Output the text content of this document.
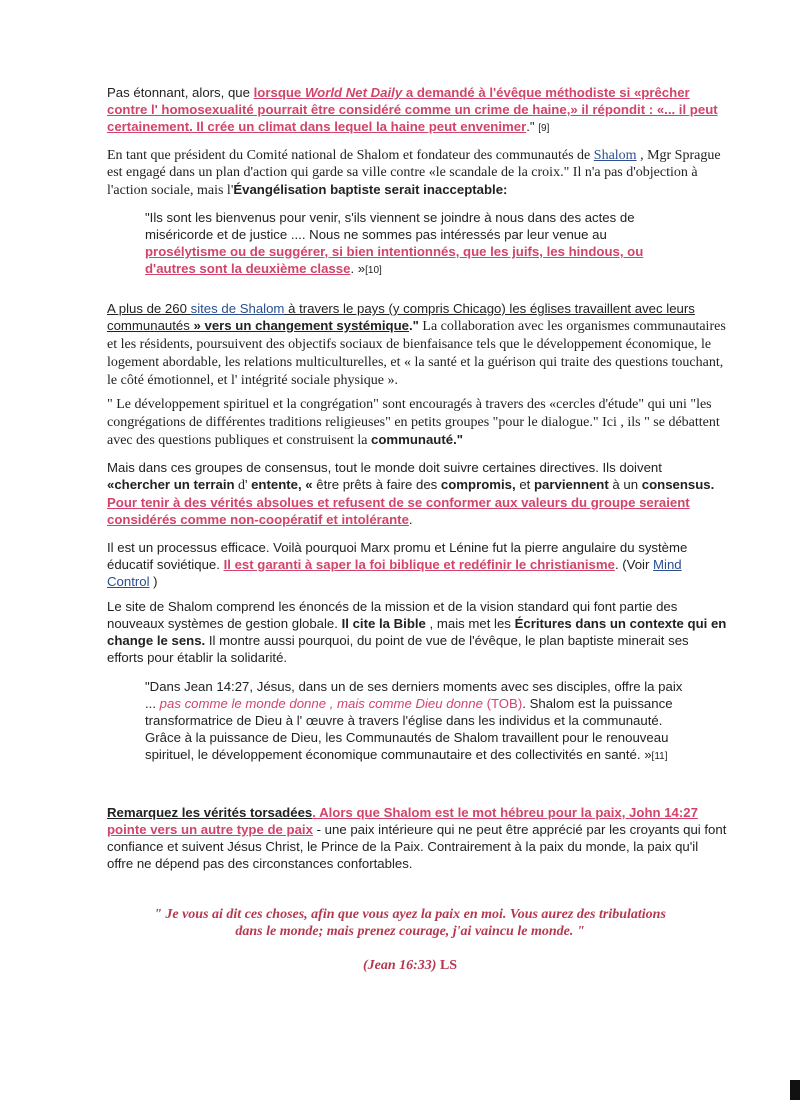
Pas étonnant, alors, que lorsque World Net Daily a demandé à l'évêque méthodiste si «prêcher contre l' homosexualité pourrait être considéré comme un crime de haine,» il répondit : «... il peut certainement. Il crée un climat dans lequel la haine peut envenimer." [9]

En tant que président du Comité national de Shalom et fondateur des communautés de Shalom , Mgr Sprague est engagé dans un plan d'action qui garde sa ville contre «le scandale de la croix." Il n'a pas d'objection à l'action sociale, mais l'Évangélisation baptiste serait inacceptable:

"Ils sont les bienvenus pour venir, s'ils viennent se joindre à nous dans des actes de miséricorde et de justice .... Nous ne sommes pas intéressés par leur venue au prosélytisme ou de suggérer, si bien intentionnés, que les juifs, les hindous, ou d'autres sont la deuxième classe. »[10]

A plus de 260 sites de Shalom à travers le pays (y compris Chicago) les églises travaillent avec leurs communautés » vers un changement systémique." La collaboration avec les organismes communautaires et les résidents, poursuivent des objectifs sociaux de bienfaisance tels que le développement économique, le logement abordable, les relations multiculturelles, et « la santé et la guérison qui traite des questions touchant, le côté émotionnel, et l' intégrité sociale physique ».

" Le développement spirituel et la congrégation" sont encouragés à travers des «cercles d'étude" qui uni "les congrégations de différentes traditions religieuses" en petits groupes "pour le dialogue." Ici , ils " se débattent avec des questions publiques et construisent la communauté."

Mais dans ces groupes de consensus, tout le monde doit suivre certaines directives. Ils doivent «chercher un terrain d' entente, « être prêts à faire des compromis, et parviennent à un consensus. Pour tenir à des vérités absolues et refusent de se conformer aux valeurs du groupe seraient considérés comme non-coopératif et intolérante.

Il est un processus efficace. Voilà pourquoi Marx promu et Lénine fut la pierre angulaire du système éducatif soviétique. Il est garanti à saper la foi biblique et redéfinir le christianisme. (Voir Mind Control )

Le site de Shalom comprend les énoncés de la mission et de la vision standard qui font partie des nouveaux systèmes de gestion globale. Il cite la Bible , mais met les Écritures dans un contexte qui en change le sens. Il montre aussi pourquoi, du point de vue de l'évêque, le plan baptiste minerait ses efforts pour établir la solidarité.

"Dans Jean 14:27, Jésus, dans un de ses derniers moments avec ses disciples, offre la paix ... pas comme le monde donne , mais comme Dieu donne (TOB). Shalom est la puissance transformatrice de Dieu à l' œuvre à travers l'église dans les individus et la communauté. Grâce à la puissance de Dieu, les Communautés de Shalom travaillent pour le renouveau spirituel, le développement économique communautaire et des collectivités en santé. »[11]

Remarquez les vérités torsadées. Alors que Shalom est le mot hébreu pour la paix, John 14:27 pointe vers un autre type de paix - une paix intérieure qui ne peut être apprécié par les croyants qui font confiance et suivent Jésus Christ, le Prince de la Paix. Contrairement à la paix du monde, la paix qu'il offre ne dépend pas des circonstances confortables.

" Je vous ai dit ces choses, afin que vous ayez la paix en moi. Vous aurez des tribulations dans le monde; mais prenez courage, j'ai vaincu le monde. "
(Jean 16:33) LS
